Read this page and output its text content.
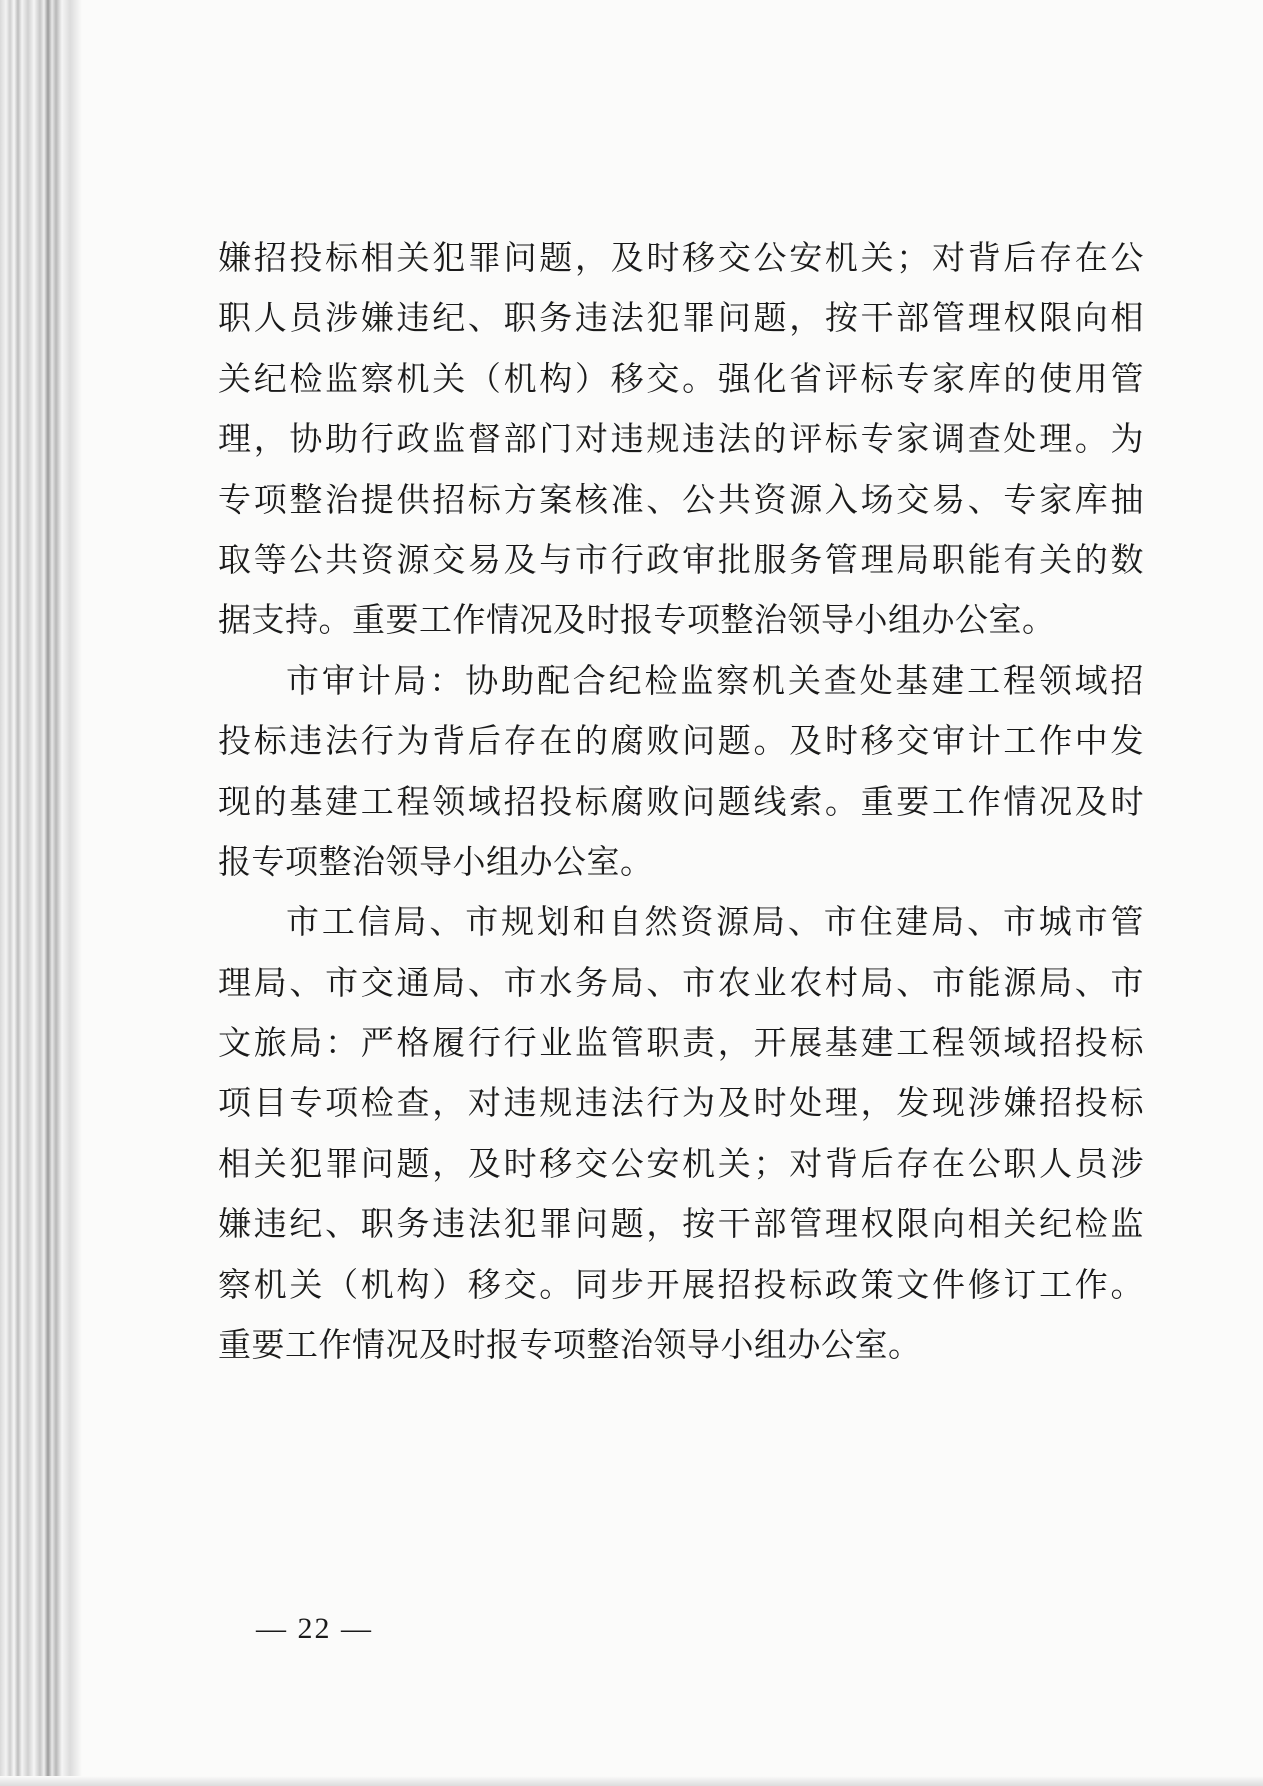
嫌招投标相关犯罪问题，及时移交公安机关；对背后存在公
职人员涉嫌违纪、职务违法犯罪问题，按干部管理权限向相
关纪检监察机关（机构）移交。强化省评标专家库的使用管
理，协助行政监督部门对违规违法的评标专家调查处理。为
专项整治提供招标方案核准、公共资源入场交易、专家库抽
取等公共资源交易及与市行政审批服务管理局职能有关的数
据支持。重要工作情况及时报专项整治领导小组办公室。
市审计局：协助配合纪检监察机关查处基建工程领域招
投标违法行为背后存在的腐败问题。及时移交审计工作中发
现的基建工程领域招投标腐败问题线索。重要工作情况及时
报专项整治领导小组办公室。
市工信局、市规划和自然资源局、市住建局、市城市管
理局、市交通局、市水务局、市农业农村局、市能源局、市
文旅局：严格履行行业监管职责，开展基建工程领域招投标
项目专项检查，对违规违法行为及时处理，发现涉嫌招投标
相关犯罪问题，及时移交公安机关；对背后存在公职人员涉
嫌违纪、职务违法犯罪问题，按干部管理权限向相关纪检监
察机关（机构）移交。同步开展招投标政策文件修订工作。
重要工作情况及时报专项整治领导小组办公室。
— 22 —
